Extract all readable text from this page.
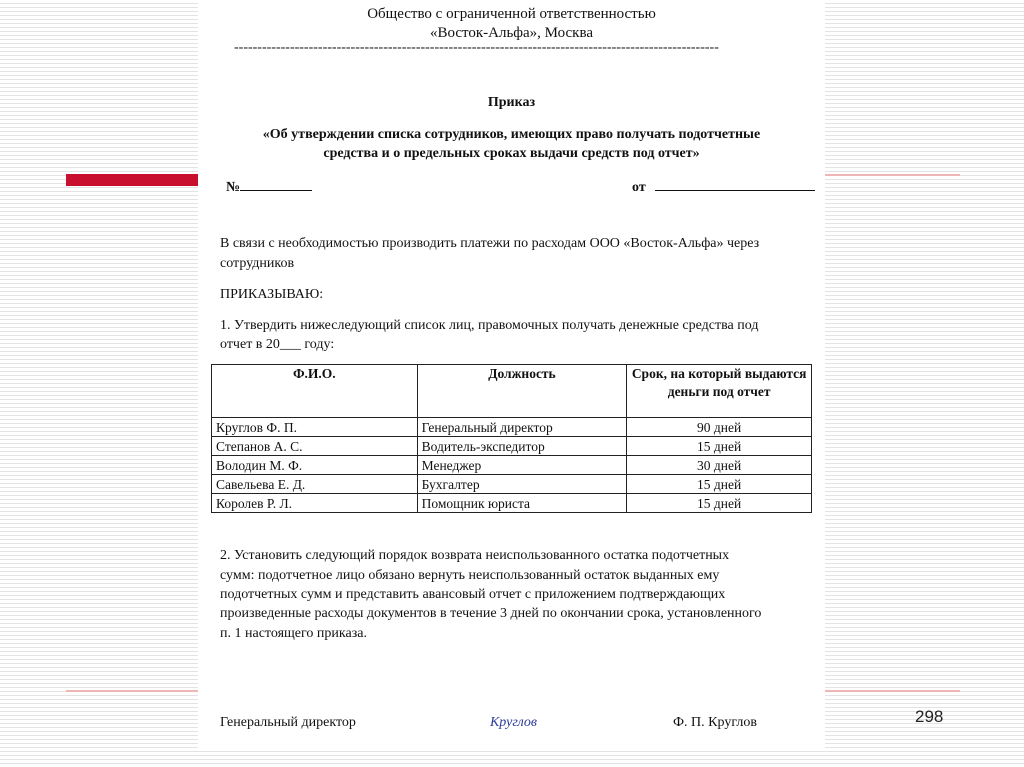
Общество с ограниченной ответственностью
«Восток-Альфа», Москва
--------------------------------------------------------------------------------------------------------
Приказ
«Об утверждении списка сотрудников, имеющих право получать подотчетные
средства и о предельных сроках выдачи средств под отчет»
№	от
В связи с необходимостью производить платежи по расходам ООО «Восток-Альфа» через
сотрудников
ПРИКАЗЫВАЮ:
1. Утвердить нижеследующий список лиц, правомочных получать денежные средства под
отчет в 20___ году:
Ф.И.О.	Должность	Срок, на который выдаются деньги под отчет
Круглов Ф. П.	Генеральный директор	90 дней
Степанов А. С.	Водитель-экспедитор	15 дней
Володин М. Ф.	Менеджер	30 дней
Савельева Е. Д.	Бухгалтер	15 дней
Королев Р. Л.	Помощник юриста	15 дней
2. Установить следующий порядок возврата неиспользованного остатка подотчетных
сумм: подотчетное лицо обязано вернуть неиспользованный остаток выданных ему
подотчетных сумм и представить авансовый отчет с приложением подтверждающих
произведенные расходы документов в течение 3 дней по окончании срока, установленного
п. 1 настоящего приказа.
Генеральный директор	Круглов	Ф. П. Круглов	298
